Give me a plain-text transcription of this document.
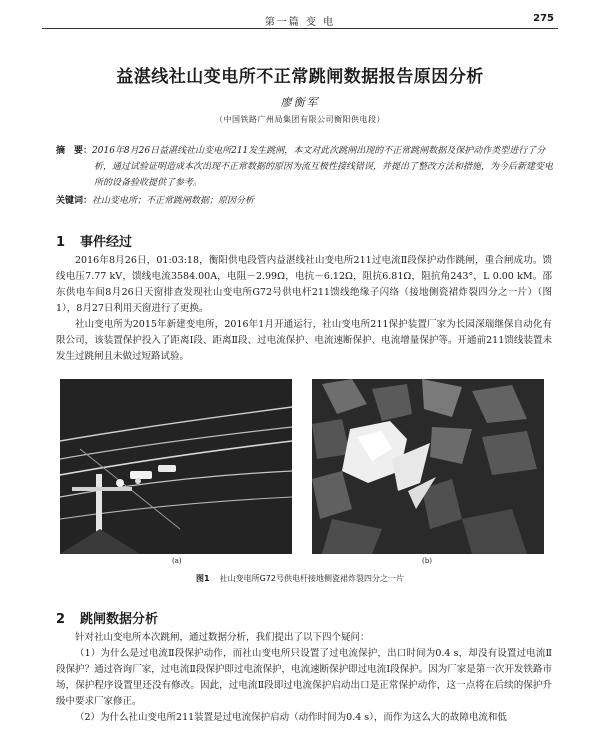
第一篇 变 电	275
益湛线社山变电所不正常跳闸数据报告原因分析
廖衡军
（中国铁路广州局集团有限公司衡阳供电段）
摘　要：2016年8月26日益湛线社山变电所211发生跳闸，本文对此次跳闸出现的不正常跳闸数据及保护动作类型进行了分析，通过试验证明造成本次出现不正常数据的原因为流互极性接线错误，并提出了整改方法和措施，为今后新建变电所的设备验收提供了参考。
关键词：社山变电所；不正常跳闸数据；原因分析
1 事件经过

2016年8月26日，01:03:18，衡阳供电段管内益湛线社山变电所211过电流Ⅱ段保护动作跳闸，重合闸成功。馈线电压7.77 kV，馈线电流3584.00A，电阻－2.99Ω，电抗－6.12Ω，阻抗6.81Ω，阻抗角243°，L 0.00 kM。邵东供电车间8月26日天窗排查发现社山变电所G72号供电杆211馈线绝缘子闪络（接地侧瓷裙炸裂四分之一片）（图1），8月27日利用天窗进行了更换。

社山变电所为2015年新建变电所，2016年1月开通运行，社山变电所211保护装置厂家为长园深瑞继保自动化有限公司，该装置保护投入了距离Ⅰ段、距离Ⅱ段、过电流保护、电流速断保护、电流增量保护等。开通前211馈线装置未发生过跳闸且未做过短路试验。

(a)	(b)
图1 社山变电所G72号供电杆接地侧瓷裙炸裂四分之一片
2 跳闸数据分析

针对社山变电所本次跳闸，通过数据分析，我们提出了以下四个疑问：

（1）为什么是过电流Ⅱ段保护动作，而社山变电所只设置了过电流保护，出口时间为0.4 s，却没有设置过电流Ⅱ段保护？通过咨询厂家，过电流Ⅱ段保护即过电流保护，电流速断保护即过电流Ⅰ段保护。因为厂家是第一次开发铁路市场，保护程序设置里还没有修改。因此，过电流Ⅱ段即过电流保护启动出口是正常保护动作，这一点将在后续的保护升级中要求厂家修正。

（2）为什么社山变电所211装置是过电流保护启动（动作时间为0.4 s），而作为这么大的故障电流和低
